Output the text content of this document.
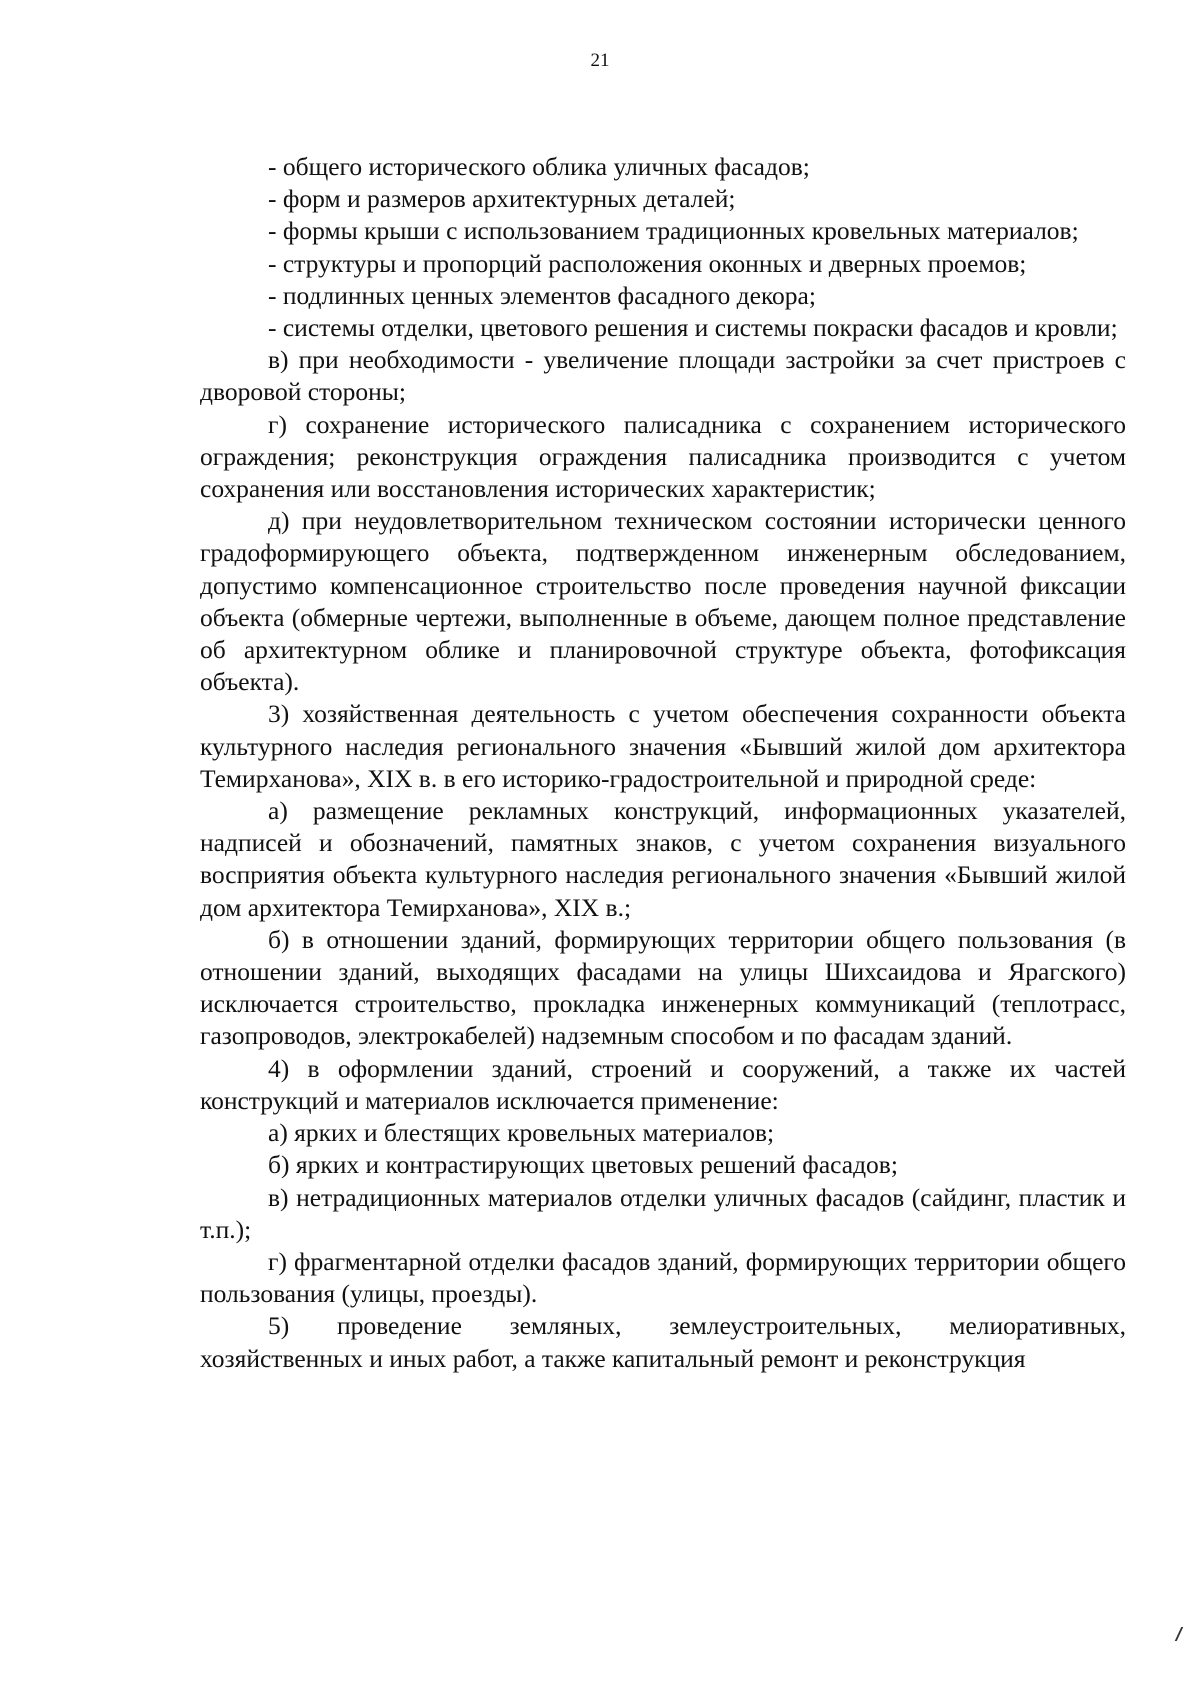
21

- общего исторического облика уличных фасадов;

- форм и размеров архитектурных деталей;

- формы крыши с использованием традиционных кровельных материалов;

- структуры и пропорций расположения оконных и дверных проемов;

- подлинных ценных элементов фасадного декора;

- системы отделки, цветового решения и системы покраски фасадов и кровли;

в) при необходимости - увеличение площади застройки за счет пристроев с дворовой стороны;

г) сохранение исторического палисадника с сохранением исторического ограждения; реконструкция ограждения палисадника производится с учетом сохранения или восстановления исторических характеристик;

д) при неудовлетворительном техническом состоянии исторически ценного градоформирующего объекта, подтвержденном инженерным обследованием, допустимо компенсационное строительство после проведения научной фиксации объекта (обмерные чертежи, выполненные в объеме, дающем полное представление об архитектурном облике и планировочной структуре объекта, фотофиксация объекта).

3) хозяйственная деятельность с учетом обеспечения сохранности объекта культурного наследия регионального значения «Бывший жилой дом архитектора Темирханова», XIX в. в его историко-градостроительной и природной среде:

а) размещение рекламных конструкций, информационных указателей, надписей и обозначений, памятных знаков, с учетом сохранения визуального восприятия объекта культурного наследия регионального значения «Бывший жилой дом архитектора Темирханова», XIX в.;

б) в отношении зданий, формирующих территории общего пользования (в отношении зданий, выходящих фасадами на улицы Шихсаидова и Ярагского) исключается строительство, прокладка инженерных коммуникаций (теплотрасс, газопроводов, электрокабелей) надземным способом и по фасадам зданий.

4) в оформлении зданий, строений и сооружений, а также их частей конструкций и материалов исключается применение:

а) ярких и блестящих кровельных материалов;

б) ярких и контрастирующих цветовых решений фасадов;

в) нетрадиционных материалов отделки уличных фасадов (сайдинг, пластик и т.п.);

г) фрагментарной отделки фасадов зданий, формирующих территории общего пользования (улицы, проезды).

5) проведение земляных, землеустроительных, мелиоративных, хозяйственных и иных работ, а также капитальный ремонт и реконструкция
